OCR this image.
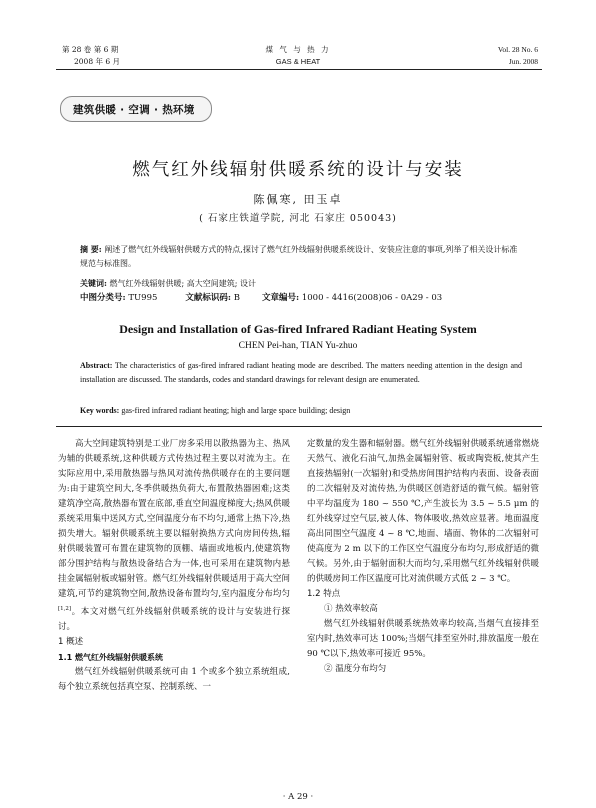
第 28 卷 第 6 期
2008 年 6 月
煤 气 与 热 力
GAS & HEAT
Vol. 28 No. 6
Jun. 2008
建筑供暖 · 空调 · 热环境
燃气红外线辐射供暖系统的设计与安装
陈佩寒, 田玉卓
( 石家庄铁道学院, 河北 石家庄 050043)
摘 要: 阐述了燃气红外线辐射供暖方式的特点,探讨了燃气红外线辐射供暖系统设计、安装应注意的事项,列举了相关设计标准规范与标准图。
关键词: 燃气红外线辐射供暖; 高大空间建筑; 设计
中图分类号: TU995	文献标识码: B	文章编号: 1000 - 4416(2008)06 - 0A29 - 03
Design and Installation of Gas-fired Infrared Radiant Heating System
CHEN Pei-han, TIAN Yu-zhuo
Abstract: The characteristics of gas-fired infrared radiant heating mode are described. The matters needing attention in the design and installation are discussed. The standards, codes and standard drawings for relevant design are enumerated.
Key words: gas-fired infrared radiant heating; high and large space building; design

高大空间建筑特别是工业厂房多采用以散热器为主、热风为辅的供暖系统,这种供暖方式传热过程主要以对流为主。在实际应用中,采用散热器与热风对流传热供暖存在的主要问题为:由于建筑空间大,冬季供暖热负荷大,布置散热器困难;这类建筑净空高,散热器布置在底部,垂直空间温度梯度大;热风供暖系统采用集中送风方式,空间温度分布不均匀,通常上热下冷,热损失增大。辐射供暖系统主要以辐射换热方式向房间传热,辐射供暖装置可布置在建筑物的顶棚、墙面或地板内,使建筑物部分围护结构与散热设备结合为一体,也可采用在建筑物内悬挂金属辐射板或辐射管。燃气红外线辐射供暖适用于高大空间建筑,可节约建筑物空间,散热设备布置均匀,室内温度分布均匀[1,2]。本文对燃气红外线辐射供暖系统的设计与安装进行探讨。

1 概述

1.1 燃气红外线辐射供暖系统

燃气红外线辐射供暖系统可由 1 个或多个独立系统组成,每个独立系统包括真空泵、控制系统、一

定数量的发生器和辐射器。燃气红外线辐射供暖系统通常燃烧天然气、液化石油气,加热金属辐射管、板或陶瓷板,使其产生直接热辐射(一次辐射)和受热房间围护结构内表面、设备表面的二次辐射及对流传热,为供暖区创造舒适的微气候。辐射管中平均温度为 180 ~ 550 ℃,产生波长为 3.5 ~ 5.5 μm 的红外线穿过空气层,被人体、物体吸收,热效应显著。地面温度高出同围空气温度 4 ~ 8 ℃,地面、墙面、物体的二次辐射可使高度为 2 m 以下的工作区空气温度分布均匀,形成舒适的微气候。另外,由于辐射面积大而均匀,采用燃气红外线辐射供暖的供暖房间工作区温度可比对流供暖方式低 2 ~ 3 ℃。

1.2 特点

① 热效率较高

燃气红外线辐射供暖系统热效率均较高,当烟气直接排至室内时,热效率可达 100%;当烟气排至室外时,排放温度一般在 90 ℃以下,热效率可接近 95%。

② 温度分布均匀

· A 29 ·
